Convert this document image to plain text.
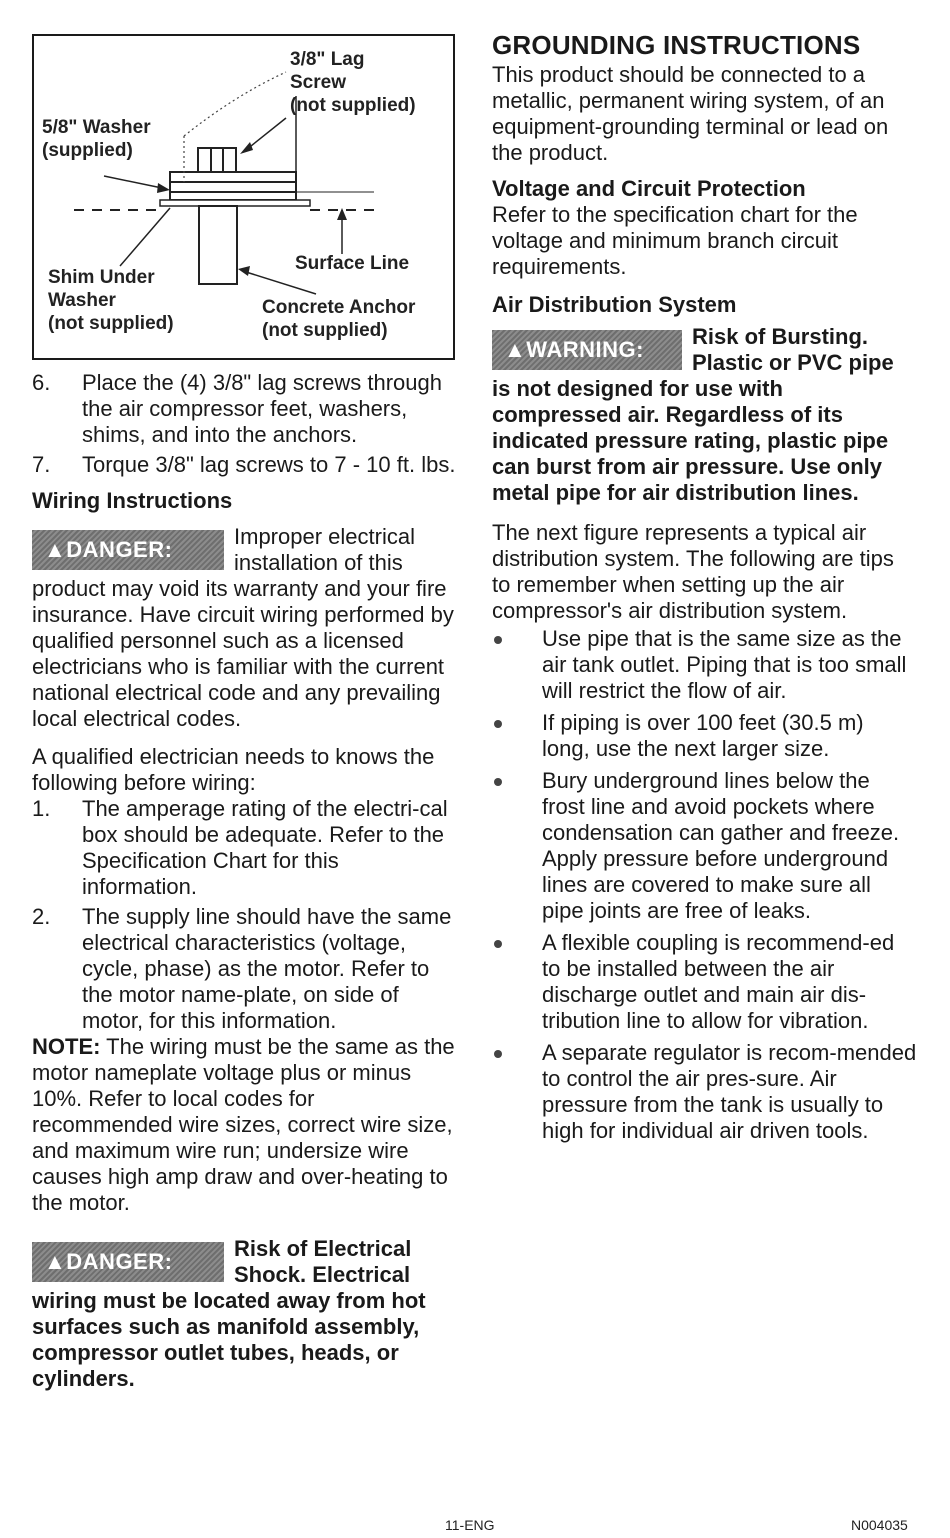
3/8" Lag
Screw
(not supplied)
5/8" Washer
(supplied)
Surface Line
Shim Under
Washer
(not supplied)
Concrete Anchor
(not supplied)
6. Place the (4) 3/8" lag screws through the air compressor feet, washers, shims, and into the anchors.
7. Torque 3/8" lag screws to 7 - 10 ft. lbs.

Wiring Instructions

▲DANGER:

Improper electrical installation of this product may void its warranty and your fire insurance. Have circuit wiring performed by qualified personnel such as a licensed electricians who is familiar with the current national electrical code and any prevailing local electrical codes.

A qualified electrician needs to knows the following before wiring:

1. The amperage rating of the electri-cal box should be adequate. Refer to the Specification Chart for this information.
2. The supply line should have the same electrical characteristics (voltage, cycle, phase) as the motor. Refer to the motor name-plate, on side of motor, for this information.

NOTE: The wiring must be the same as the motor nameplate voltage plus or minus 10%. Refer to local codes for recommended wire sizes, correct wire size, and maximum wire run; undersize wire causes high amp draw and over-heating to the motor.

▲DANGER:

Risk of Electrical Shock. Electrical wiring must be located away from hot surfaces such as manifold assembly, compressor outlet tubes, heads, or cylinders.

GROUNDING INSTRUCTIONS

This product should be connected to a metallic, permanent wiring system, of an equipment-grounding terminal or lead on the product.

Voltage and Circuit Protection

Refer to the specification chart for the voltage and minimum branch circuit requirements.

Air Distribution System

▲WARNING:

Risk of Bursting. Plastic or PVC pipe is not designed for use with compressed air. Regardless of its indicated pressure rating, plastic pipe can burst from air pressure. Use only metal pipe for air distribution lines.

The next figure represents a typical air distribution system. The following are tips to remember when setting up the air compressor's air distribution system.

Use pipe that is the same size as the air tank outlet. Piping that is too small will restrict the flow of air.
If piping is over 100 feet (30.5 m) long, use the next larger size.
Bury underground lines below the frost line and avoid pockets where condensation can gather and freeze. Apply pressure before underground lines are covered to make sure all pipe joints are free of leaks.
A flexible coupling is recommend-ed to be installed between the air discharge outlet and main air dis-tribution line to allow for vibration.
A separate regulator is recom-mended to control the air pres-sure. Air pressure from the tank is usually to high for individual air driven tools.
11-ENG	N004035
